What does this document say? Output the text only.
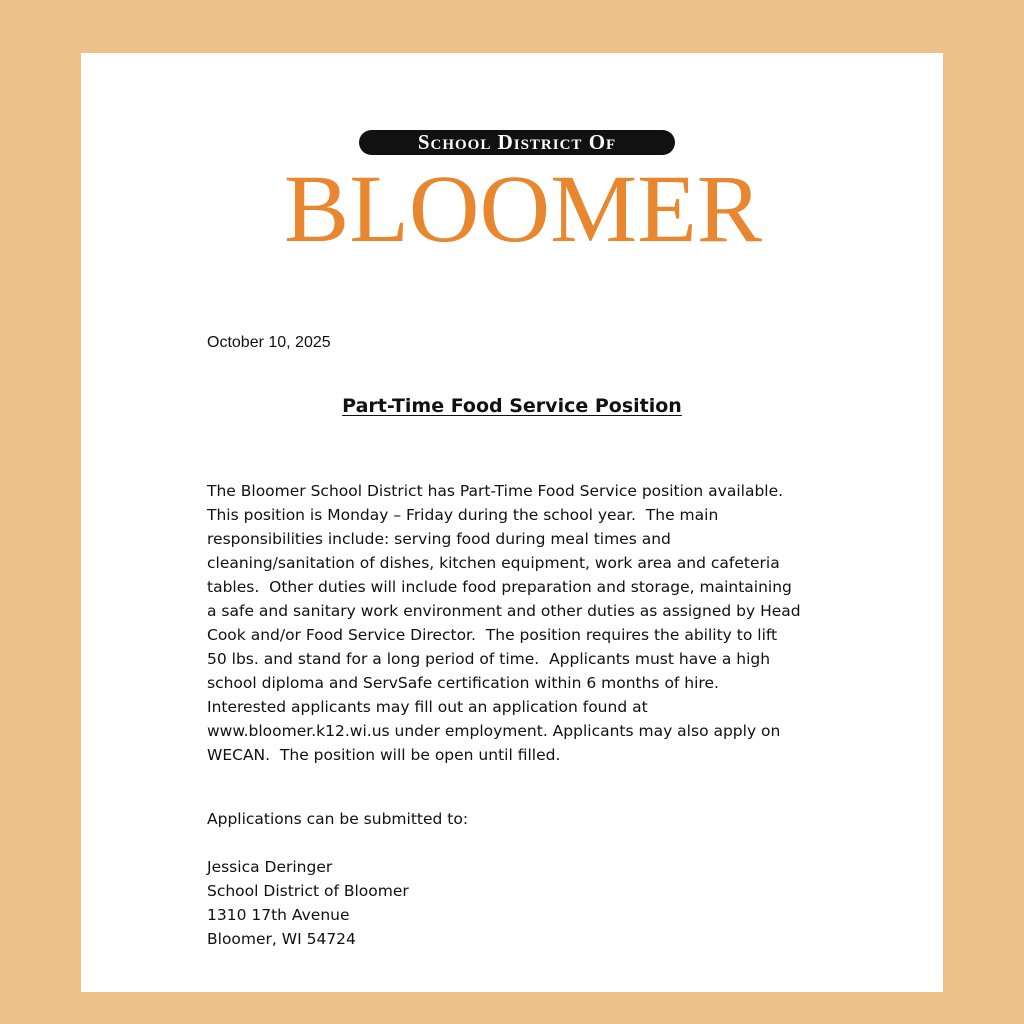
School District Of
BLOOMER

October 10, 2025

Part-Time Food Service Position
The Bloomer School District has Part-Time Food Service position available.
This position is Monday – Friday during the school year.  The main
responsibilities include: serving food during meal times and
cleaning/sanitation of dishes, kitchen equipment, work area and cafeteria
tables.  Other duties will include food preparation and storage, maintaining
a safe and sanitary work environment and other duties as assigned by Head
Cook and/or Food Service Director.  The position requires the ability to lift
50 lbs. and stand for a long period of time.  Applicants must have a high
school diploma and ServSafe certification within 6 months of hire.
Interested applicants may fill out an application found at
www.bloomer.k12.wi.us under employment. Applicants may also apply on
WECAN.  The position will be open until filled.

Applications can be submitted to:

Jessica Deringer
School District of Bloomer
1310 17th Avenue
Bloomer, WI 54724
